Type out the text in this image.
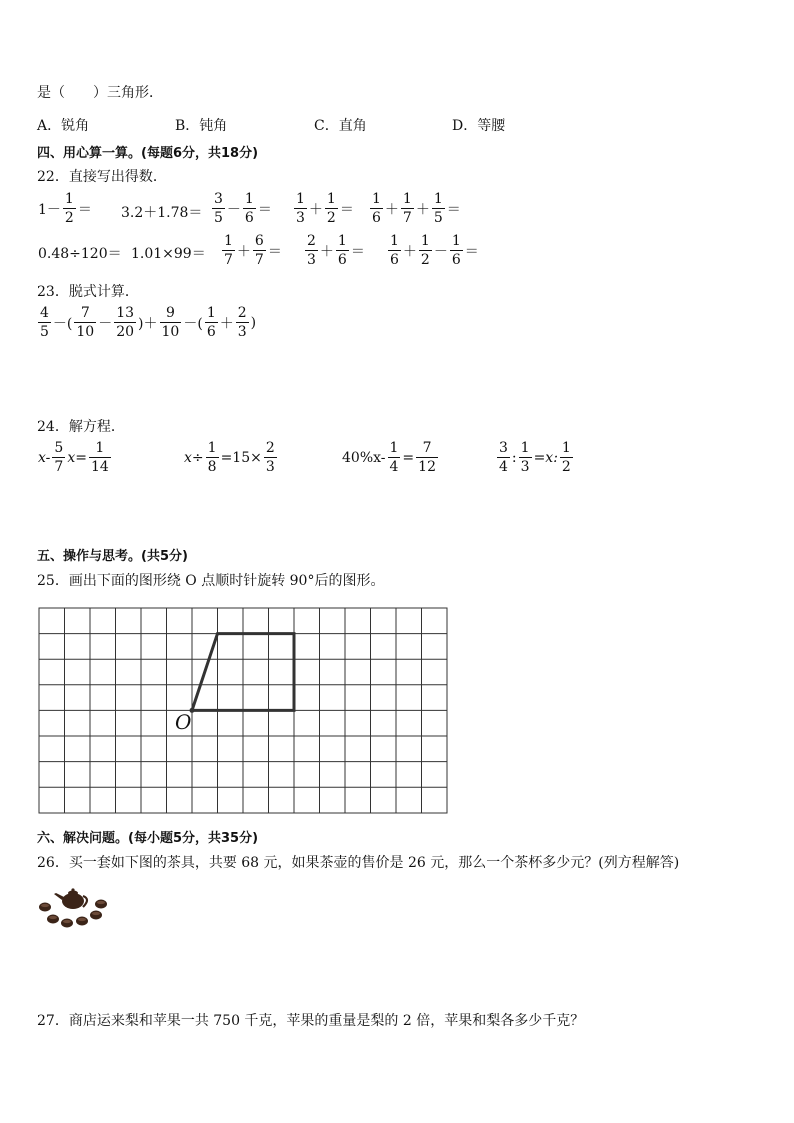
是（　　）三角形．
A．锐角	B．钝角	C．直角	D．等腰
四、用心算一算。(每题6分，共18分)
22．直接写出得数．
$1- \frac{1}{2} = 3.2+1.78= \frac{3}{5} - \frac{1}{6} = \frac{1}{3} + \frac{1}{2} = \frac{1}{6} + \frac{1}{7} + \frac{1}{5}$ ＝
$0.48\div 120= 1.01\times 99= \frac{1}{7} + \frac{6}{7} = \frac{2}{3} + \frac{1}{6} = \frac{1}{6} + \frac{1}{2} - \frac{1}{6}$ ＝
23．脱式计算．
$\frac{4}{5}$ －( $\frac{7}{10} - \frac{13}{20}$ )＋ $\frac{9}{10}$ －( $\frac{1}{6} + \frac{2}{3}$ )
24．解方程．
$x- \frac{5}{7} x= \frac{1}{14}$	$x\div \frac{1}{8} =15\times \frac{2}{3}$	$40\%x- \frac{1}{4} = \frac{7}{12}$	$\frac{3}{4}$ : $\frac{1}{3} =x$: $\frac{1}{2}$
五、操作与思考。(共5分)
25．画出下面的图形绕 O 点顺时针旋转 90°后的图形。
O
六、解决问题。(每小题5分，共35分)
26．买一套如下图的茶具，共要 68 元，如果茶壶的售价是 26 元，那么一个茶杯多少元？(列方程解答)
27．商店运来梨和苹果一共 750 千克，苹果的重量是梨的 2 倍，苹果和梨各多少千克？
